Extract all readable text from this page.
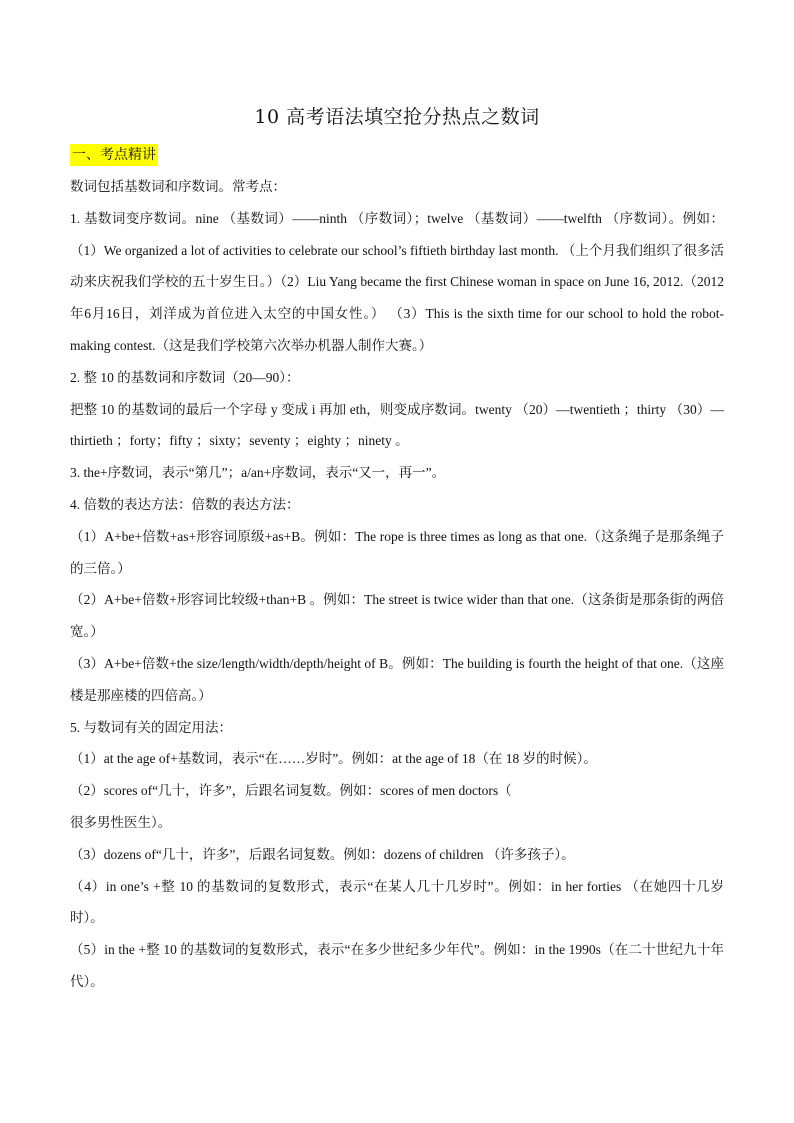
10 高考语法填空抢分热点之数词
一、考点精讲

数词包括基数词和序数词。常考点：

1. 基数词变序数词。nine （基数词）——ninth （序数词）；twelve （基数词）——twelfth （序数词）。例如：（1）We organized a lot of activities to celebrate our school’s fiftieth birthday last month. （上个月我们组织了很多活动来庆祝我们学校的五十岁生日。）（2）Liu Yang became the first Chinese woman in space on June 16, 2012.（2012年6月16日，刘洋成为首位进入太空的中国女性。） （3）This is the sixth time for our school to hold the robot-making contest.（这是我们学校第六次举办机器人制作大赛。）

2. 整 10 的基数词和序数词（20—90）：

把整 10 的基数词的最后一个字母 y 变成 i 再加 eth，则变成序数词。twenty （20）—twentieth ；thirty （30）—thirtieth ；forty；fifty ；sixty；seventy ；eighty ；ninety 。

3. the+序数词，表示“第几”；a/an+序数词，表示“又一，再一”。

4. 倍数的表达方法：倍数的表达方法：

（1）A+be+倍数+as+形容词原级+as+B。例如：The rope is three times as long as that one.（这条绳子是那条绳子的三倍。）

（2）A+be+倍数+形容词比较级+than+B 。例如：The street is twice wider than that one.（这条街是那条街的两倍宽。）

（3）A+be+倍数+the size/length/width/depth/height of B。例如：The building is fourth the height of that one.（这座楼是那座楼的四倍高。）

5. 与数词有关的固定用法：

（1）at the age of+基数词，表示“在……岁时”。例如：at the age of 18（在 18 岁的时候）。

（2）scores of“几十，许多”，后跟名词复数。例如：scores of men doctors（

很多男性医生）。

（3）dozens of“几十，许多”，后跟名词复数。例如：dozens of children （许多孩子）。

（4）in one’s +整 10 的基数词的复数形式，表示“在某人几十几岁时”。例如：in her forties （在她四十几岁时）。

（5）in the +整 10 的基数词的复数形式，表示“在多少世纪多少年代”。例如：in the 1990s（在二十世纪九十年代）。
